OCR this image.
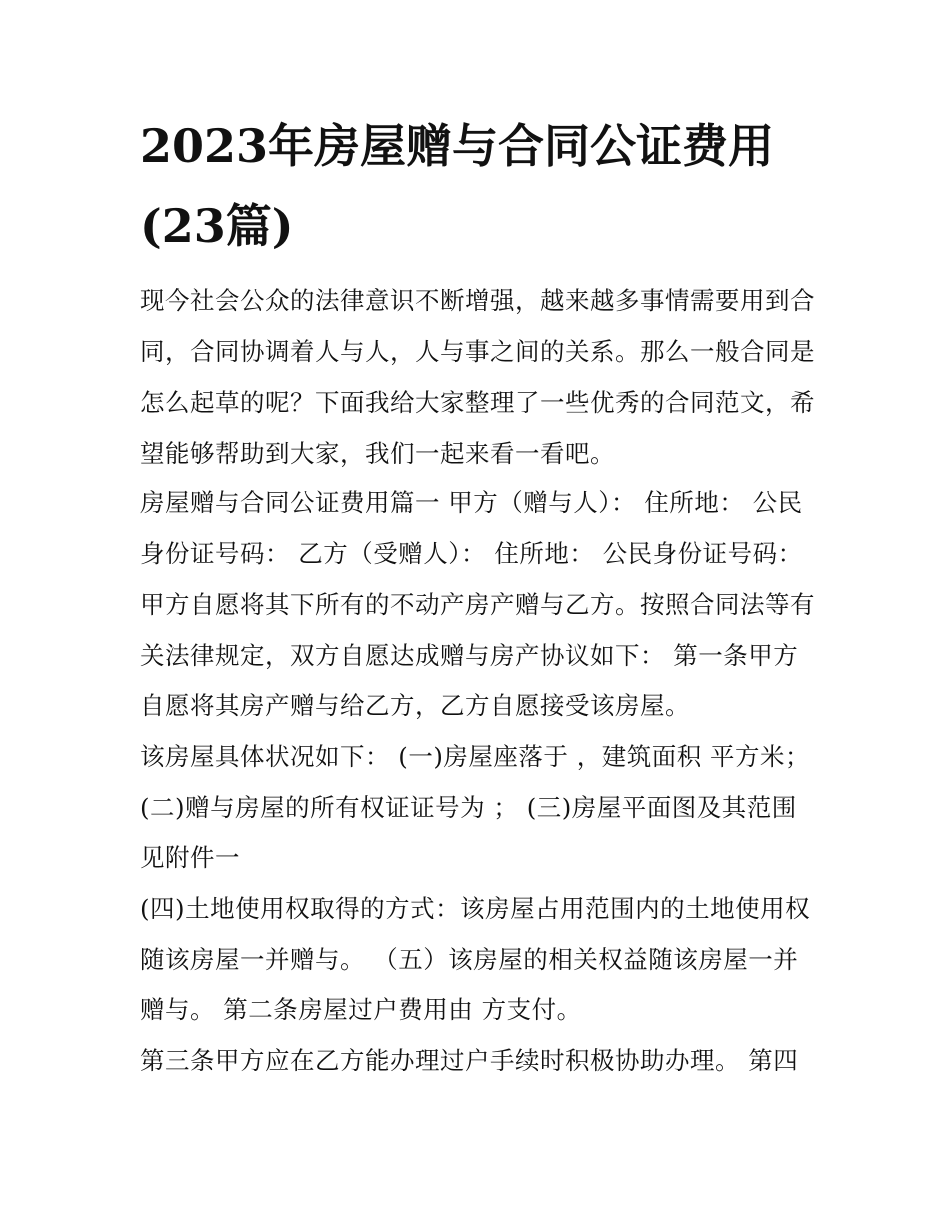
2023年房屋赠与合同公证费用
(23篇)
现今社会公众的法律意识不断增强，越来越多事情需要用到合
同，合同协调着人与人，人与事之间的关系。那么一般合同是
怎么起草的呢？下面我给大家整理了一些优秀的合同范文，希
望能够帮助到大家，我们一起来看一看吧。
房屋赠与合同公证费用篇一 甲方（赠与人）： 住所地： 公民
身份证号码： 乙方（受赠人）： 住所地： 公民身份证号码：
甲方自愿将其下所有的不动产房产赠与乙方。按照合同法等有
关法律规定，双方自愿达成赠与房产协议如下： 第一条甲方
自愿将其房产赠与给乙方，乙方自愿接受该房屋。
该房屋具体状况如下： (一)房屋座落于 ，建筑面积 平方米；
(二)赠与房屋的所有权证证号为 ； (三)房屋平面图及其范围
见附件一
(四)土地使用权取得的方式：该房屋占用范围内的土地使用权
随该房屋一并赠与。 （五）该房屋的相关权益随该房屋一并
赠与。 第二条房屋过户费用由 方支付。
第三条甲方应在乙方能办理过户手续时积极协助办理。 第四
